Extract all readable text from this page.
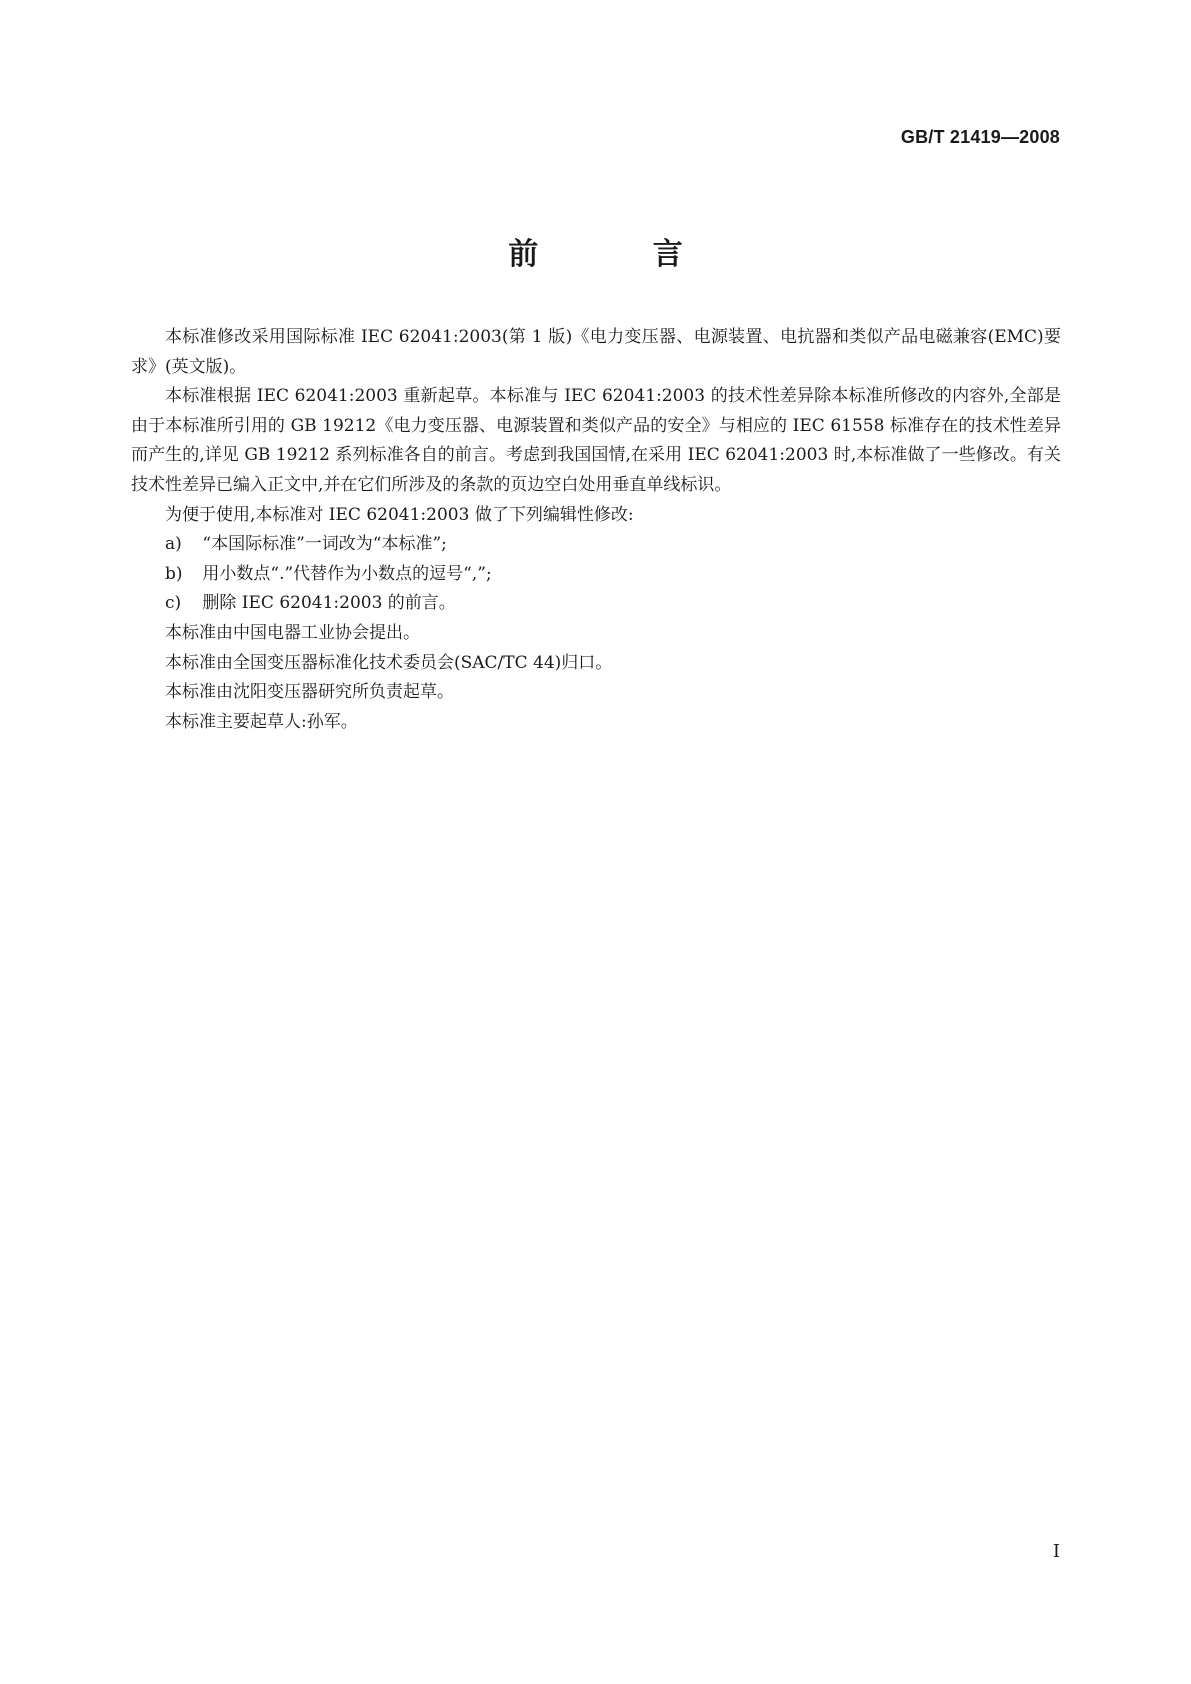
GB/T 21419—2008
前 言

本标准修改采用国际标准 IEC 62041:2003(第 1 版)《电力变压器、电源装置、电抗器和类似产品电磁兼容(EMC)要求》(英文版)。

本标准根据 IEC 62041:2003 重新起草。本标准与 IEC 62041:2003 的技术性差异除本标准所修改的内容外,全部是由于本标准所引用的 GB 19212《电力变压器、电源装置和类似产品的安全》与相应的 IEC 61558 标准存在的技术性差异而产生的,详见 GB 19212 系列标准各自的前言。考虑到我国国情,在采用 IEC 62041:2003 时,本标准做了一些修改。有关技术性差异已编入正文中,并在它们所涉及的条款的页边空白处用垂直单线标识。

为便于使用,本标准对 IEC 62041:2003 做了下列编辑性修改:

a) “本国际标准”一词改为“本标准”;
b) 用小数点“.”代替作为小数点的逗号“,”;
c) 删除 IEC 62041:2003 的前言。

本标准由中国电器工业协会提出。

本标准由全国变压器标准化技术委员会(SAC/TC 44)归口。

本标准由沈阳变压器研究所负责起草。

本标准主要起草人:孙军。

I
